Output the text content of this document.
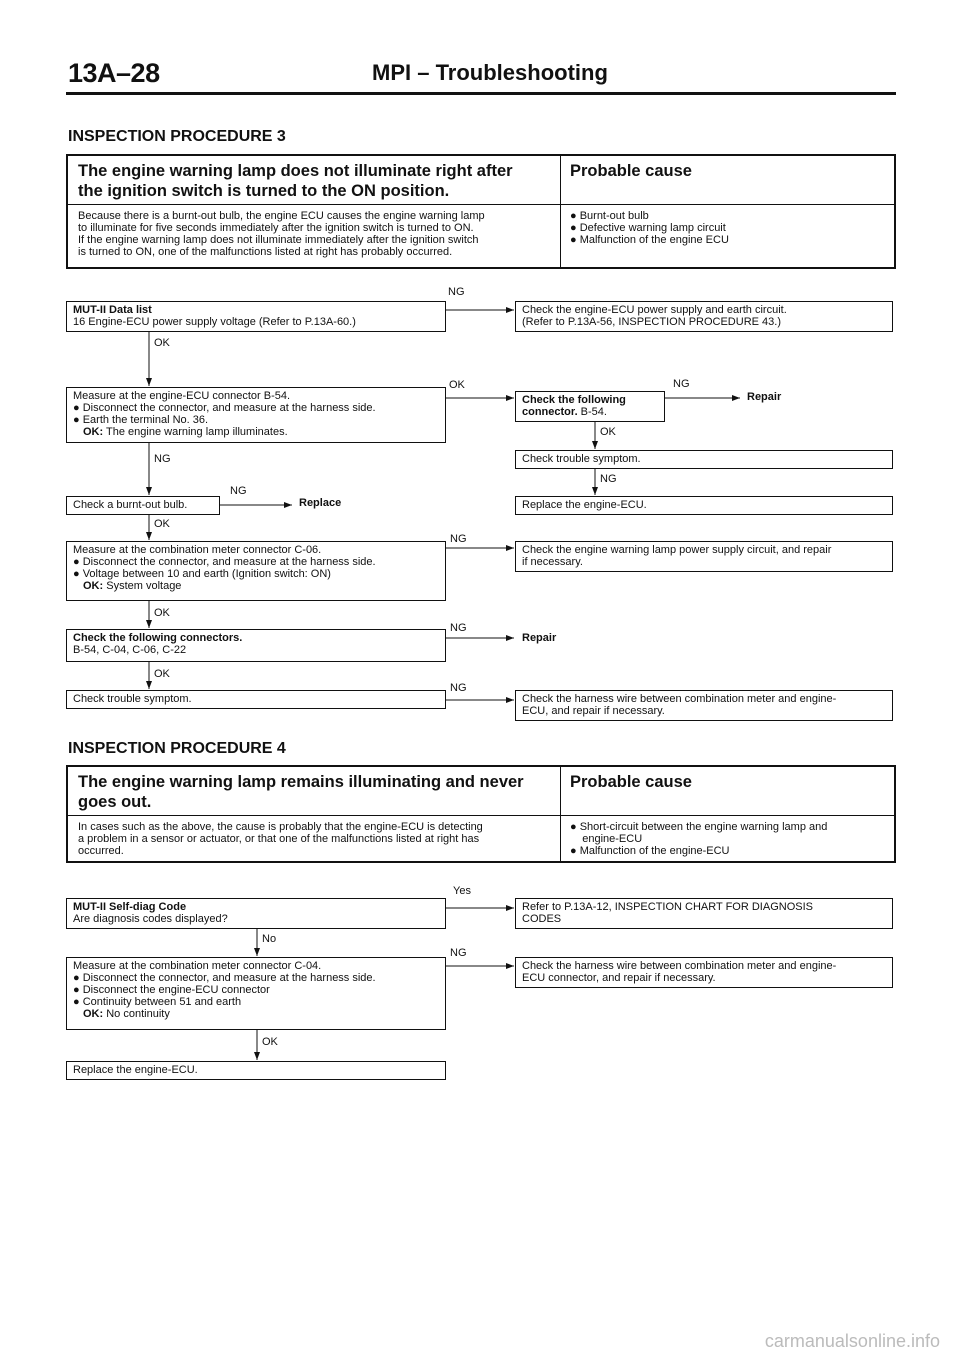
13A–28	MPI – Troubleshooting
INSPECTION PROCEDURE 3
The engine warning lamp does not illuminate right after
the ignition switch is turned to the ON position.
Probable cause
Because there is a burnt-out bulb, the engine ECU causes the engine warning lamp
to illuminate for five seconds immediately after the ignition switch is turned to ON.
If the engine warning lamp does not illuminate immediately after the ignition switch
is turned to ON, one of the malfunctions listed at right has probably occurred.
● Burnt-out bulb
● Defective warning lamp circuit
● Malfunction of the engine ECU
MUT-II Data list
16 Engine-ECU power supply voltage (Refer to P.13A-60.)
Check the engine-ECU power supply and earth circuit.
(Refer to P.13A-56, INSPECTION PROCEDURE 43.)
Measure at the engine-ECU connector B-54.
● Disconnect the connector, and measure at the harness side.
● Earth the terminal No. 36.
OK: The engine warning lamp illuminates.
Check the following
connector. B-54.
Repair
Check trouble symptom.
Replace the engine-ECU.
Check a burnt-out bulb.	Replace
Measure at the combination meter connector C-06.
● Disconnect the connector, and measure at the harness side.
● Voltage between 10 and earth (Ignition switch: ON)
OK: System voltage
Check the engine warning lamp power supply circuit, and repair
if necessary.
Check the following connectors.
B-54, C-04, C-06, C-22
Repair
Check trouble symptom.	Check the harness wire between combination meter and engine-
ECU, and repair if necessary.
NG
OK
OK	NG
OK
NG
NG
NG
OK
NG
OK
NG
OK
NG
INSPECTION PROCEDURE 4
The engine warning lamp remains illuminating and never
goes out.
Probable cause
In cases such as the above, the cause is probably that the engine-ECU is detecting
a problem in a sensor or actuator, or that one of the malfunctions listed at right has
occurred.
● Short-circuit between the engine warning lamp and
engine-ECU
● Malfunction of the engine-ECU
MUT-II Self-diag Code
Are diagnosis codes displayed?
Refer to P.13A-12, INSPECTION CHART FOR DIAGNOSIS
CODES
Measure at the combination meter connector C-04.
● Disconnect the connector, and measure at the harness side.
● Disconnect the engine-ECU connector
● Continuity between 51 and earth
OK: No continuity
Check the harness wire between combination meter and engine-
ECU connector, and repair if necessary.
Replace the engine-ECU.
Yes
No
NG
OK
carmanualsonline.info
